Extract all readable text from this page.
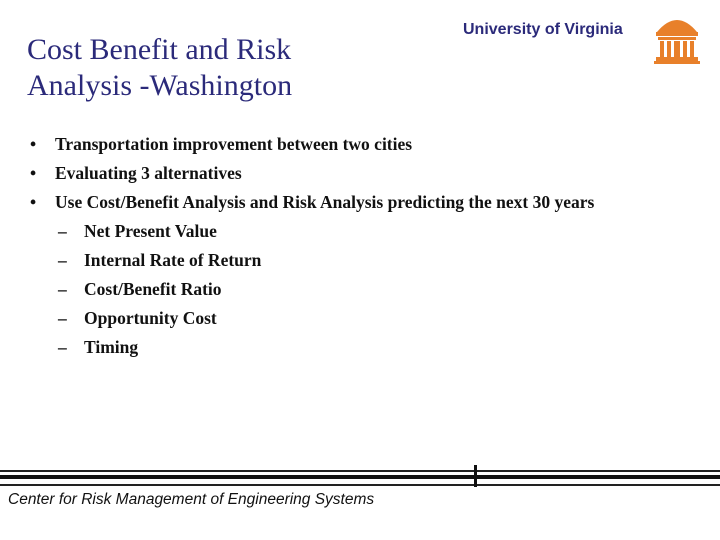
Cost Benefit and Risk
Analysis -Washington
University of Virginia
• Transportation improvement between two cities
• Evaluating 3 alternatives
• Use Cost/Benefit Analysis and Risk Analysis predicting the next 30 years
– Net Present Value
– Internal Rate of Return
– Cost/Benefit Ratio
– Opportunity Cost
– Timing
Center for Risk Management of Engineering Systems
